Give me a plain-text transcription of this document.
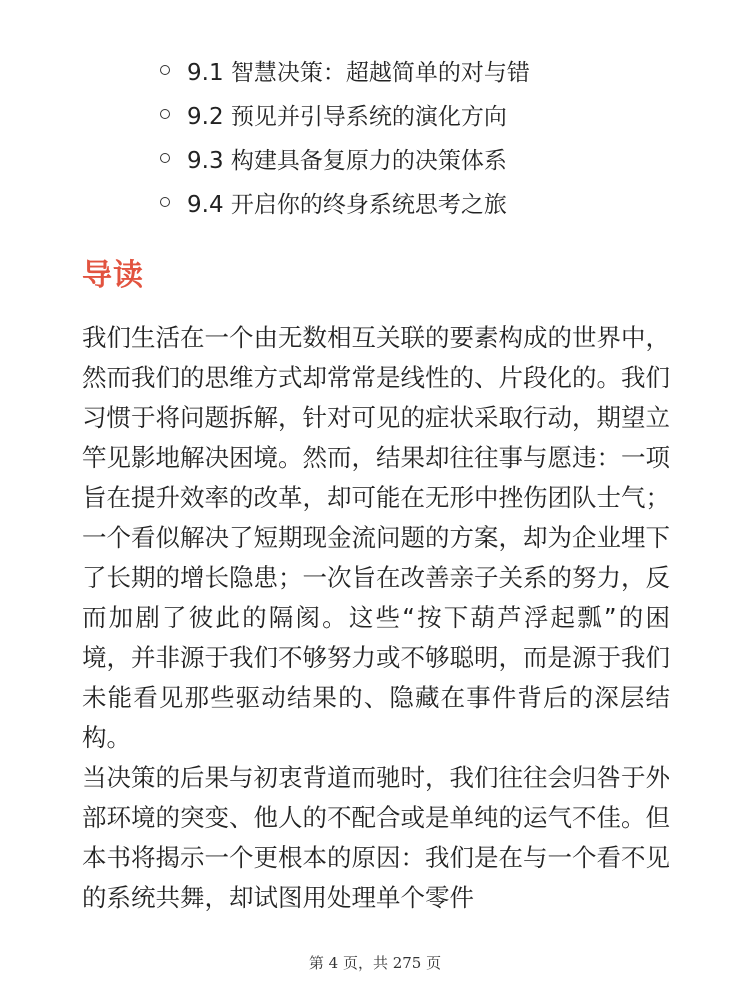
9.1 智慧决策：超越简单的对与错
9.2 预见并引导系统的演化方向
9.3 构建具备复原力的决策体系
9.4 开启你的终身系统思考之旅
导读

我们生活在一个由无数相互关联的要素构成的世界中，然而我们的思维方式却常常是线性的、片段化的。我们习惯于将问题拆解，针对可见的症状采取行动，期望立竿见影地解决困境。然而，结果却往往事与愿违：一项旨在提升效率的改革，却可能在无形中挫伤团队士气；一个看似解决了短期现金流问题的方案，却为企业埋下了长期的增长隐患；一次旨在改善亲子关系的努力，反而加剧了彼此的隔阂。这些“按下葫芦浮起瓢”的困境，并非源于我们不够努力或不够聪明，而是源于我们未能看见那些驱动结果的、隐藏在事件背后的深层结构。

当决策的后果与初衷背道而驰时，我们往往会归咎于外部环境的突变、他人的不配合或是单纯的运气不佳。但本书将揭示一个更根本的原因：我们是在与一个看不见的系统共舞，却试图用处理单个零件

第 4 页，共 275 页
